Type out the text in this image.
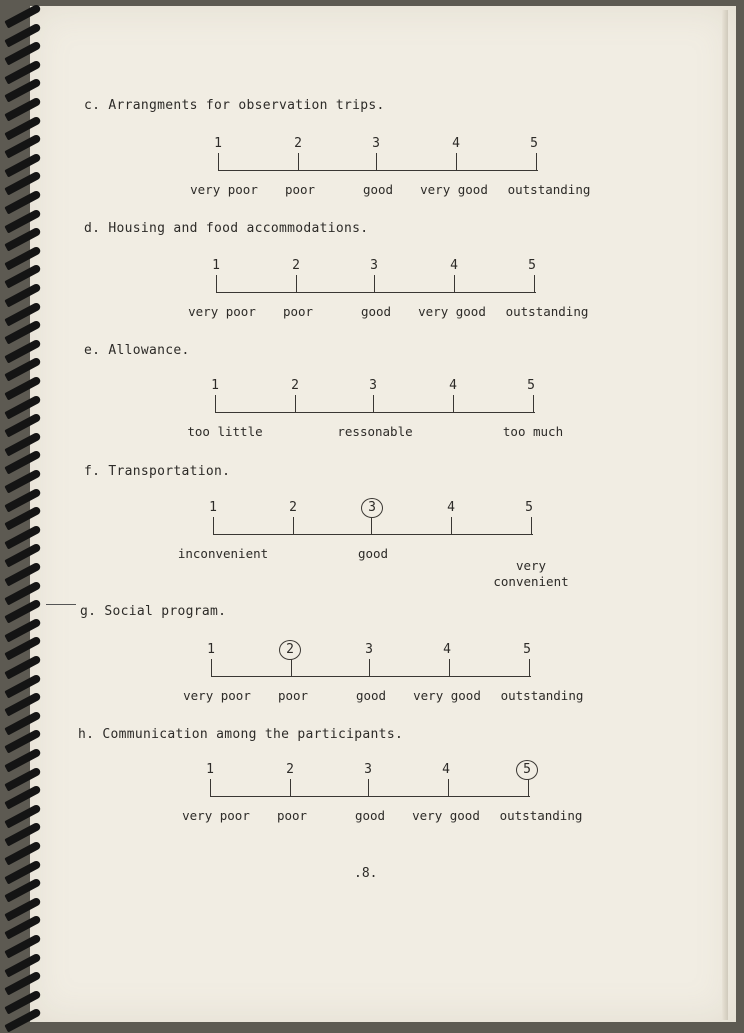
c. Arrangments for observation trips.
1	2	3	4	5
very poor poor	good very good outstanding
d. Housing and food accommodations.
1	2	3	4	5
very poor poor	good very good outstanding
e. Allowance.
1	2	3	4	5
too little	ressonable	too much
f. Transportation.
1	2	3	4	5
inconvenient	good
very
convenient
g. Social program.
1	2	3	4	5
very poor poor	good very good outstanding
h. Communication among the participants.
1	2	3	4	5
very poor poor	good very good outstanding
.8.
